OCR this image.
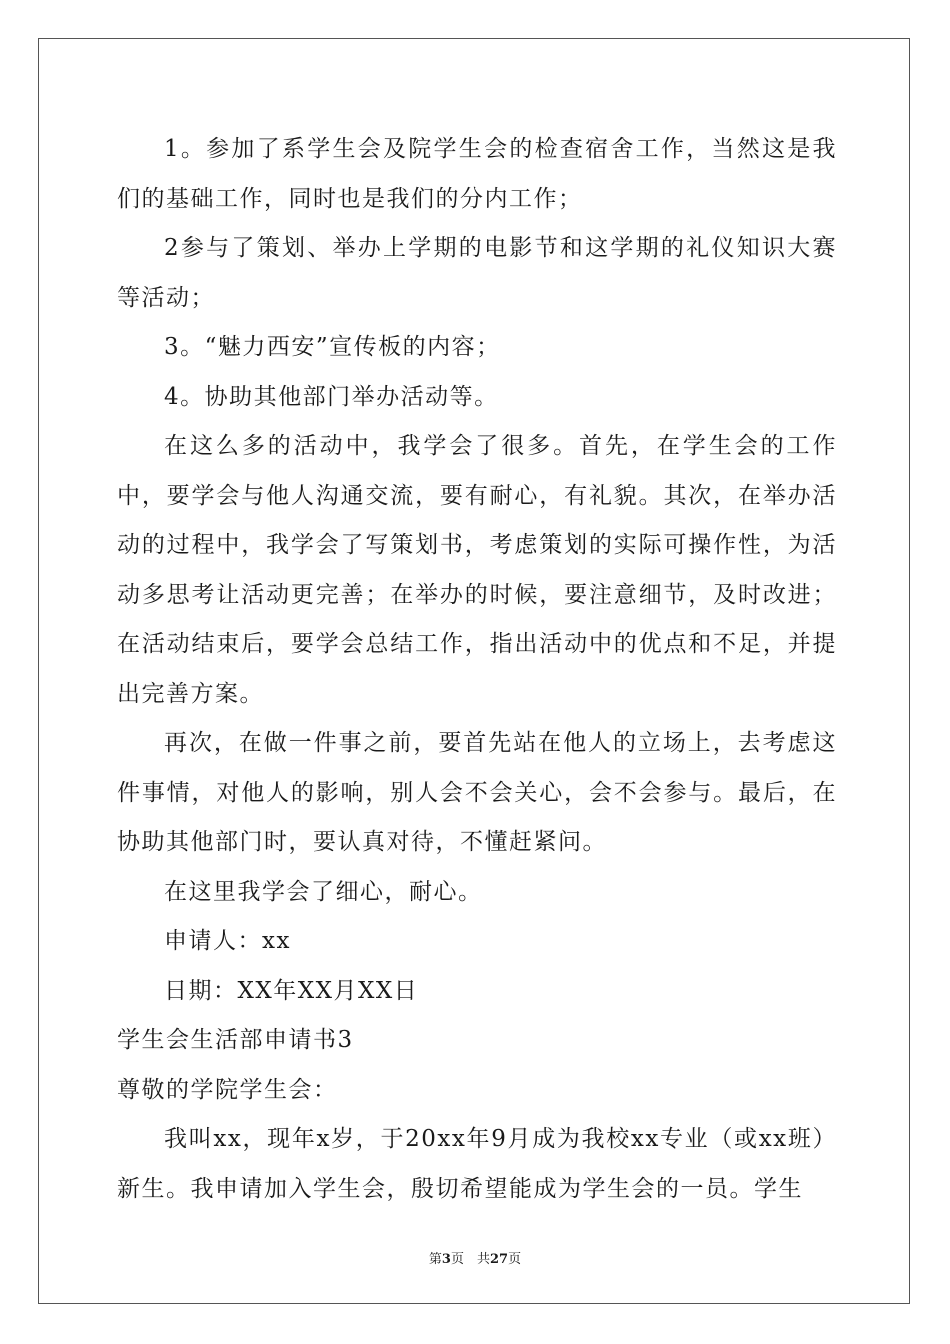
1。参加了系学生会及院学生会的检查宿舍工作，当然这是我们的基础工作，同时也是我们的分内工作；

2参与了策划、举办上学期的电影节和这学期的礼仪知识大赛等活动；

3。“魅力西安”宣传板的内容；

4。协助其他部门举办活动等。

在这么多的活动中，我学会了很多。首先，在学生会的工作中，要学会与他人沟通交流，要有耐心，有礼貌。其次，在举办活动的过程中，我学会了写策划书，考虑策划的实际可操作性，为活动多思考让活动更完善；在举办的时候，要注意细节，及时改进；在活动结束后，要学会总结工作，指出活动中的优点和不足，并提出完善方案。

再次，在做一件事之前，要首先站在他人的立场上，去考虑这件事情，对他人的影响，别人会不会关心，会不会参与。最后，在协助其他部门时，要认真对待，不懂赶紧问。

在这里我学会了细心，耐心。

申请人：xx

日期：XX年XX月XX日

学生会生活部申请书3

尊敬的学院学生会：

我叫xx，现年x岁，于20xx年9月成为我校xx专业（或xx班）新生。我申请加入学生会，殷切希望能成为学生会的一员。学生

第3页　共27页
